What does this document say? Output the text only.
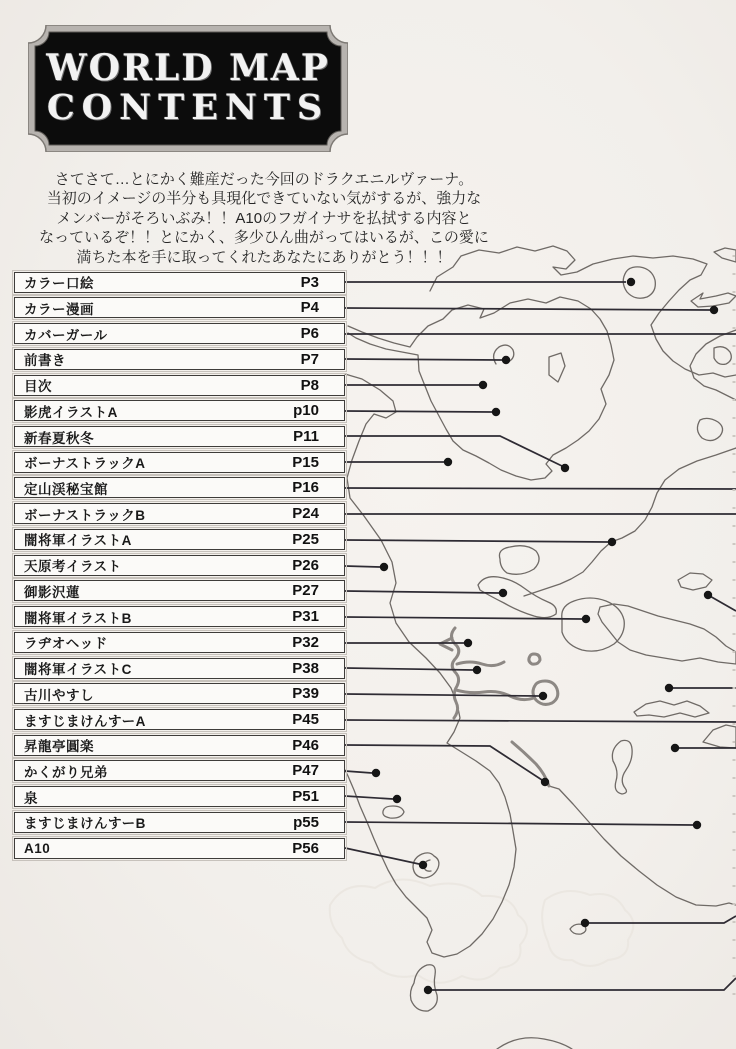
WORLD MAP
CONTENTS
さてさて…とにかく難産だった今回のドラクエニルヴァーナ。
当初のイメージの半分も具現化できていない気がするが、強力な
メンバーがそろいぶみ！！A10のフガイナサを払拭する内容と
なっているぞ！！とにかく、多少ひん曲がってはいるが、この愛に
満ちた本を手に取ってくれたあなたにありがとう！！！
カラー口絵	P3
カラー漫画	P4
カバーガール	P6
前書き	P7
目次	P8
影虎イラストA	p10
新春夏秋冬	P11
ボーナストラックA	P15
定山渓秘宝館	P16
ボーナストラックB	P24
闇将軍イラストA	P25
天原考イラスト	P26
御影沢蓮	P27
闇将軍イラストB	P31
ラヂオヘッド	P32
闇将軍イラストC	P38
古川やすし	P39
ますじまけんすーA	P45
昇龍亭圓楽	P46
かくがり兄弟	P47
泉	P51
ますじまけんすーB	p55
A10	P56
